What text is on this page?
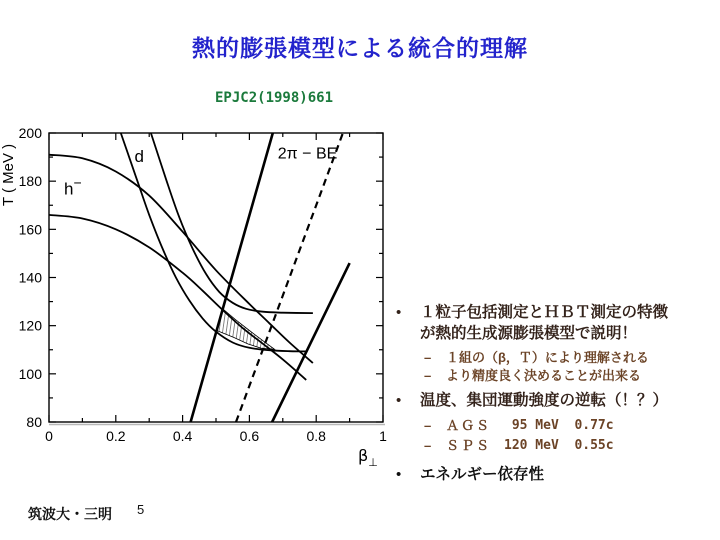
熱的膨張模型による統合的理解
EPJC2(1998)661
200
180
160
140
120
100
80
0	0.2	0.4	0.6	0.8	1
T ( MeV )
$\beta_\perp$
d
h−
2π − BE
•	１粒子包括測定とＨＢＴ測定の特徴
が熱的生成源膨張模型で説明！
–	１組の（β，Ｔ）により理解される
–	より精度良く決めることが出来る
•	温度、集団運動強度の逆転（！？）
–	ＡＧＳ 95 MeV  0.77c
–	ＳＰＳ 120 MeV  0.55c
•	エネルギー依存性
筑波大・三明 5
